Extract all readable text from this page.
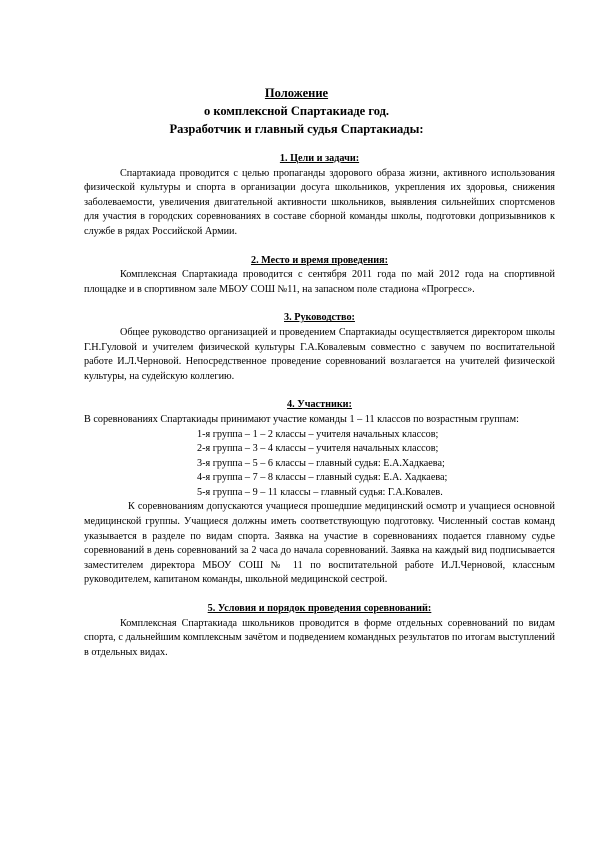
Положение
о комплексной Спартакиаде год.
Разработчик и главный судья Спартакиады:
1. Цели и задачи:

Спартакиада проводится с целью пропаганды здорового образа жизни, активного использования физической культуры и спорта в организации досуга школьников, укрепления их здоровья, снижения заболеваемости, увеличения двигательной активности школьников, выявления сильнейших спортсменов для участия в городских соревнованиях в составе сборной команды школы, подготовки допризывников к службе в рядах Российской Армии.

2. Место и время проведения:

Комплексная Спартакиада проводится с сентября 2011 года по май 2012 года на спортивной площадке и в спортивном зале МБОУ СОШ №11, на запасном поле стадиона «Прогресс».

3. Руководство:

Общее руководство организацией и проведением Спартакиады осуществляется директором школы Г.Н.Гуловой и учителем физической культуры Г.А.Ковалевым совместно с завучем по воспитательной работе И.Л.Черновой. Непосредственное проведение соревнований возлагается на учителей физической культуры, на судейскую коллегию.

4. Участники:

В соревнованиях Спартакиады принимают участие команды 1 – 11 классов по возрастным группам:

1-я группа – 1 – 2 классы – учителя начальных классов;
2-я группа – 3 – 4 классы – учителя начальных классов;
3-я группа – 5 – 6 классы – главный судья: Е.А.Хадкаева;
4-я группа – 7 – 8 классы – главный судья: Е.А. Хадкаева;
5-я группа – 9 – 11 классы – главный судья: Г.А.Ковалев.

К соревнованиям допускаются учащиеся прошедшие медицинский осмотр и учащиеся основной медицинской группы. Учащиеся должны иметь соответствующую подготовку. Численный состав команд указывается в разделе по видам спорта. Заявка на участие в соревнованиях подается главному судье соревнований в день соревнований за 2 часа до начала соревнований. Заявка на каждый вид подписывается заместителем директора МБОУ СОШ № 11 по воспитательной работе И.Л.Черновой, классным руководителем, капитаном команды, школьной медицинской сестрой.

5. Условия и порядок проведения соревнований:

Комплексная Спартакиада школьников проводится в форме отдельных соревнований по видам спорта, с дальнейшим комплексным зачётом и подведением командных результатов по итогам выступлений в отдельных видах.
